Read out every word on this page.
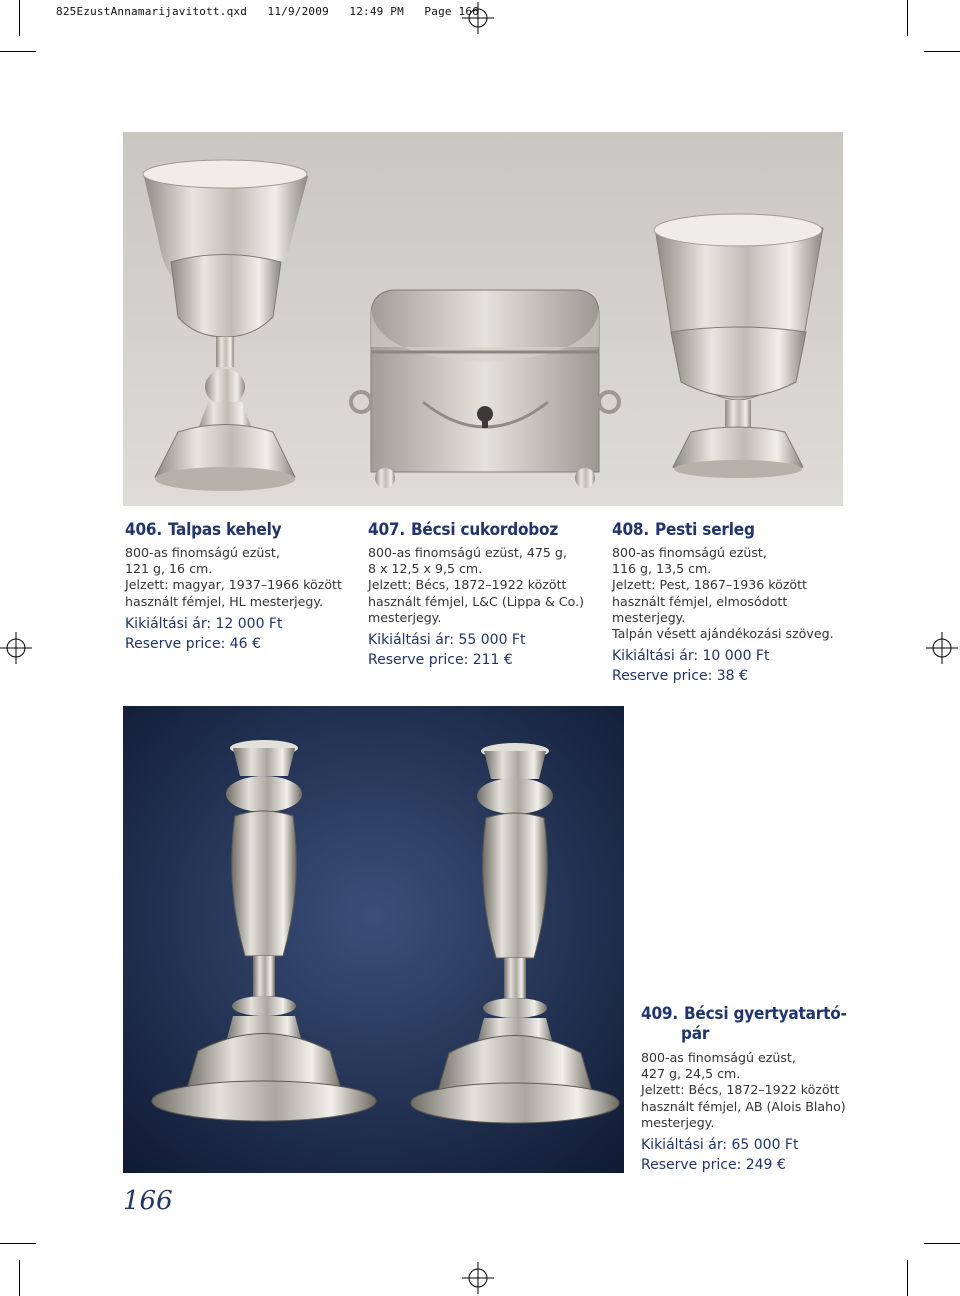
825EzustAnnamarijavitott.qxd   11/9/2009   12:49 PM   Page 166
406. Talpas kehely
800-as finomságú ezüst,
121 g, 16 cm.
Jelzett: magyar, 1937–1966 között
használt fémjel, HL mesterjegy.
Kikiáltási ár: 12 000 Ft
Reserve price: 46 €
407. Bécsi cukordoboz
800-as finomságú ezüst, 475 g,
8 x 12,5 x 9,5 cm.
Jelzett: Bécs, 1872–1922 között
használt fémjel, L&C (Lippa & Co.)
mesterjegy.
Kikiáltási ár: 55 000 Ft
Reserve price: 211 €
408. Pesti serleg
800-as finomságú ezüst,
116 g, 13,5 cm.
Jelzett: Pest, 1867–1936 között
használt fémjel, elmosódott
mesterjegy.
Talpán vésett ajándékozási szöveg.
Kikiáltási ár: 10 000 Ft
Reserve price: 38 €
409. Bécsi gyertyatartó-
pár
800-as finomságú ezüst,
427 g, 24,5 cm.
Jelzett: Bécs, 1872–1922 között
használt fémjel, AB (Alois Blaho)
mesterjegy.
Kikiáltási ár: 65 000 Ft
Reserve price: 249 €
166
